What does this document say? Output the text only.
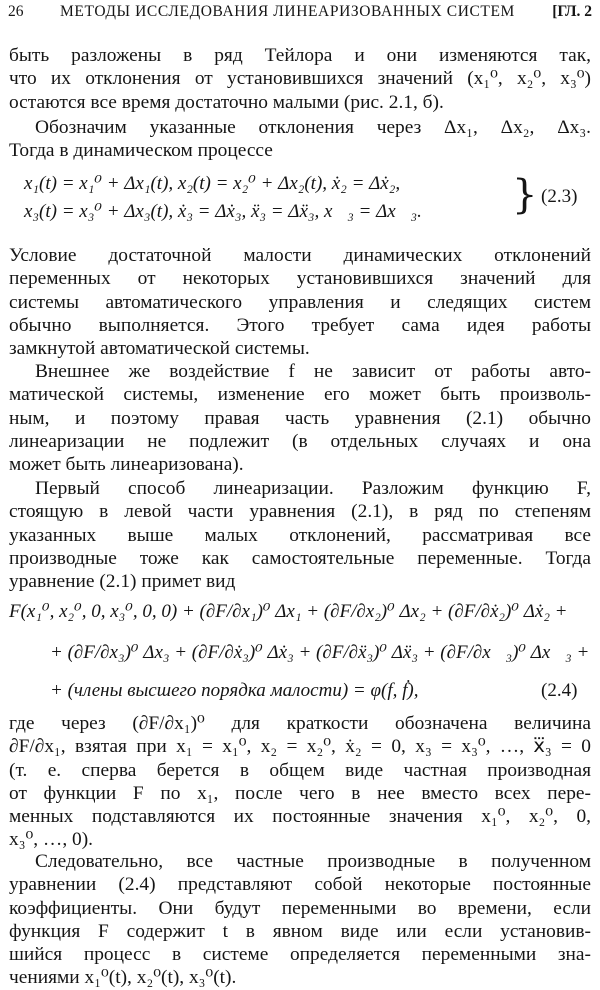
26 МЕТОДЫ ИССЛЕДОВАНИЯ ЛИНЕАРИЗОВАННЫХ СИСТЕМ [ГЛ. 2
быть разложены в ряд Тейлора и они изменяются так,
что их отклонения от установившихся значений (x₁⁰, x₂⁰, x₃⁰)
остаются все время достаточно малыми (рис. 2.1, б).
Обозначим указанные отклонения через Δx₁, Δx₂, Δx₃.
Тогда в динамическом процессе
x₁(t) = x₁⁰ + Δx₁(t), x₂(t) = x₂⁰ + Δx₂(t), ẋ₂ = Δẋ₂,
x₃(t) = x₃⁰ + Δx₃(t), ẋ₃ = Δẋ₃, ẍ₃ = Δẍ₃, x⃛₃ = Δx⃛₃. } (2.3)
Условие достаточной малости динамических отклонений
переменных от некоторых установившихся значений для
системы автоматического управления и следящих систем
обычно выполняется. Этого требует сама идея работы
замкнутой автоматической системы.
Внешнее же воздействие f не зависит от работы авто-
матической системы, изменение его может быть произволь-
ным, и поэтому правая часть уравнения (2.1) обычно
линеаризации не подлежит (в отдельных случаях и она
может быть линеаризована).
Первый способ линеаризации. Разложим функцию F,
стоящую в левой части уравнения (2.1), в ряд по степеням
указанных выше малых отклонений, рассматривая все
производные тоже как самостоятельные переменные. Тогда
уравнение (2.1) примет вид
F(x₁⁰, x₂⁰, 0, x₃⁰, 0, 0) + (∂F/∂x₁)⁰ Δx₁ + (∂F/∂x₂)⁰ Δx₂ + (∂F/∂ẋ₂)⁰ Δẋ₂ +
+ (∂F/∂x₃)⁰ Δx₃ + (∂F/∂ẋ₃)⁰ Δẋ₃ + (∂F/∂ẍ₃)⁰ Δẍ₃ + (∂F/∂x⃛₃)⁰ Δx⃛₃ +
+ (члены высшего порядка малости) = φ(f, ḟ),	(2.4)
где через (∂F/∂x₁)⁰ для краткости обозначена величина
∂F/∂x₁, взятая при x₁ = x₁⁰, x₂ = x₂⁰, ẋ₂ = 0, x₃ = x₃⁰, …, x⃛₃ = 0
(т. е. сперва берется в общем виде частная производная
от функции F по x₁, после чего в нее вместо всех пере-
менных подставляются их постоянные значения x₁⁰, x₂⁰, 0,
x₃⁰, …, 0).
Следовательно, все частные производные в полученном
уравнении (2.4) представляют собой некоторые постоянные
коэффициенты. Они будут переменными во времени, если
функция F содержит t в явном виде или если установив-
шийся процесс в системе определяется переменными зна-
чениями x₁⁰(t), x₂⁰(t), x₃⁰(t).
